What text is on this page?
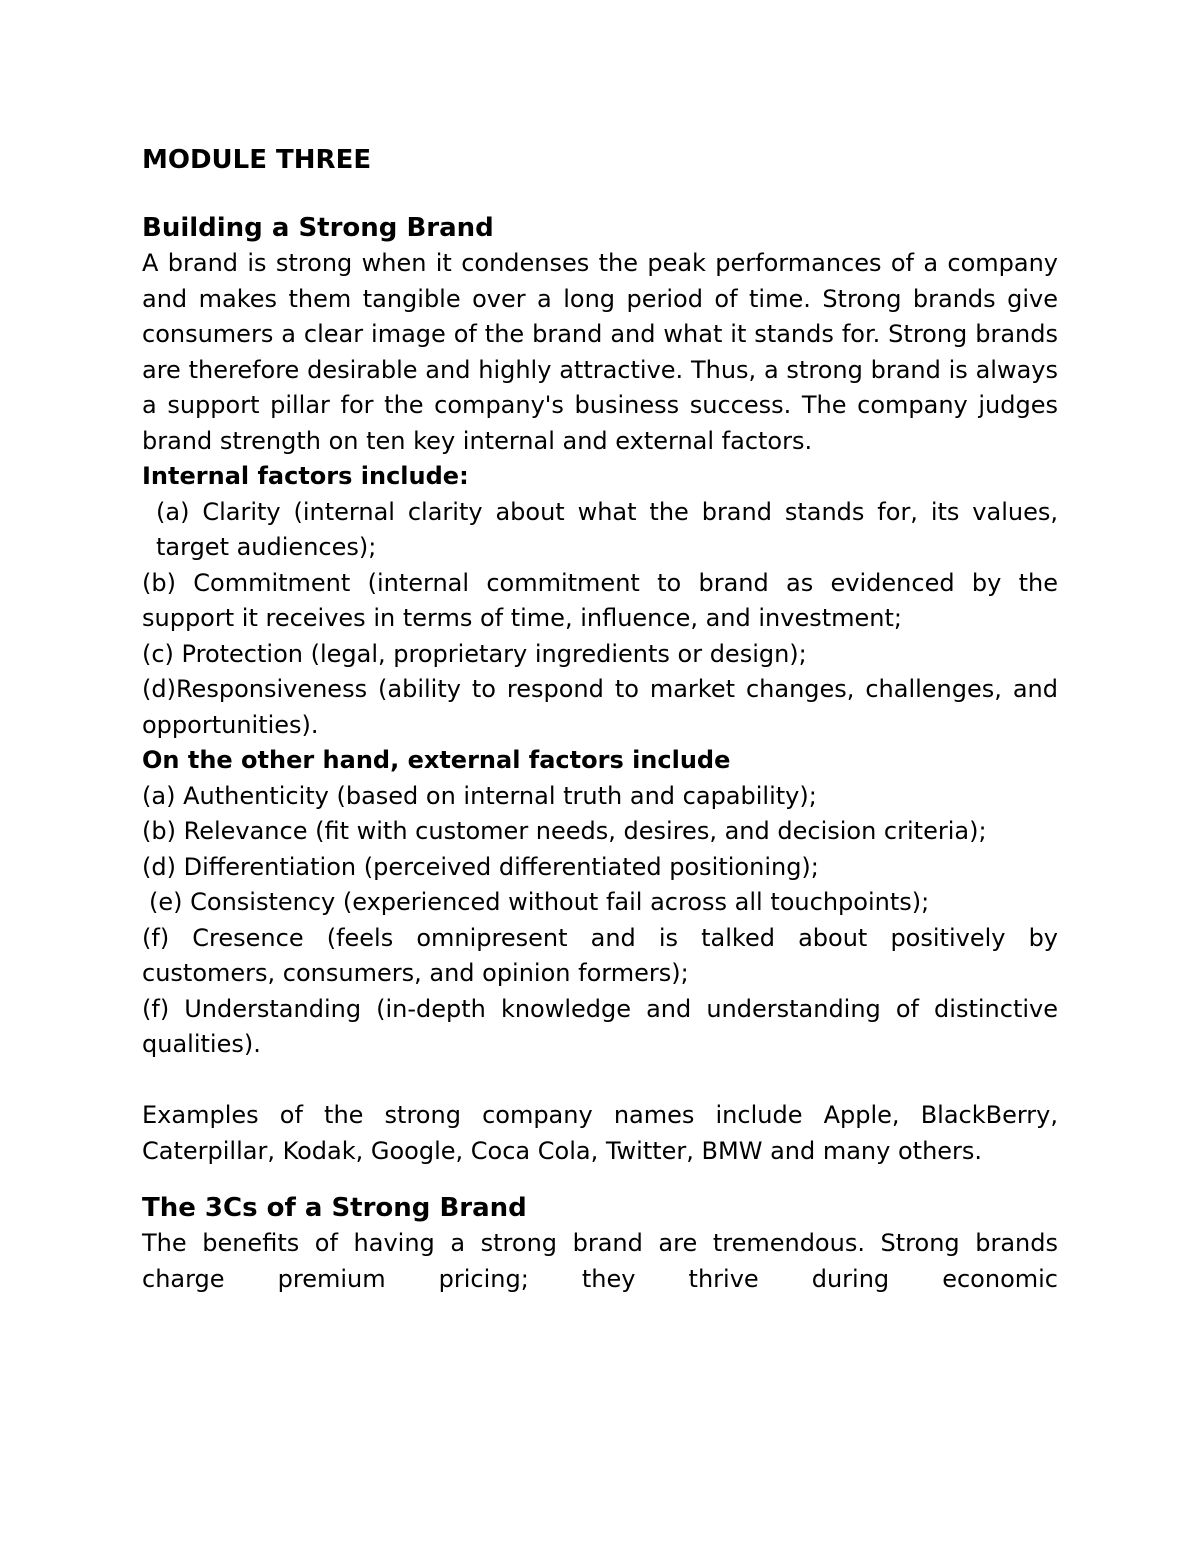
MODULE THREE
Building a Strong Brand

A brand is strong when it condenses the peak performances of a company and makes them tangible over a long period of time. Strong brands give consumers a clear image of the brand and what it stands for. Strong brands are therefore desirable and highly attractive. Thus, a strong brand is always a support pillar for the company's business success. The company judges brand strength on ten key internal and external factors.

Internal factors include:

(a) Clarity (internal clarity about what the brand stands for, its values, target audiences);

(b) Commitment (internal commitment to brand as evidenced by the support it receives in terms of time, influence, and investment;

(c) Protection (legal, proprietary ingredients or design);

(d)Responsiveness (ability to respond to market changes, challenges, and opportunities).

On the other hand, external factors include

(a) Authenticity (based on internal truth and capability);

(b) Relevance (fit with customer needs, desires, and decision criteria);

(d) Differentiation (perceived differentiated positioning);

(e) Consistency (experienced without fail across all touchpoints);

(f) Cresence (feels omnipresent and is talked about positively by customers, consumers, and opinion formers);

(f) Understanding (in-depth knowledge and understanding of distinctive qualities).

Examples of the strong company names include Apple, BlackBerry, Caterpillar, Kodak, Google, Coca Cola, Twitter, BMW and many others.

The 3Cs of a Strong Brand

The benefits of having a strong brand are tremendous. Strong brands charge premium pricing; they thrive during economic
